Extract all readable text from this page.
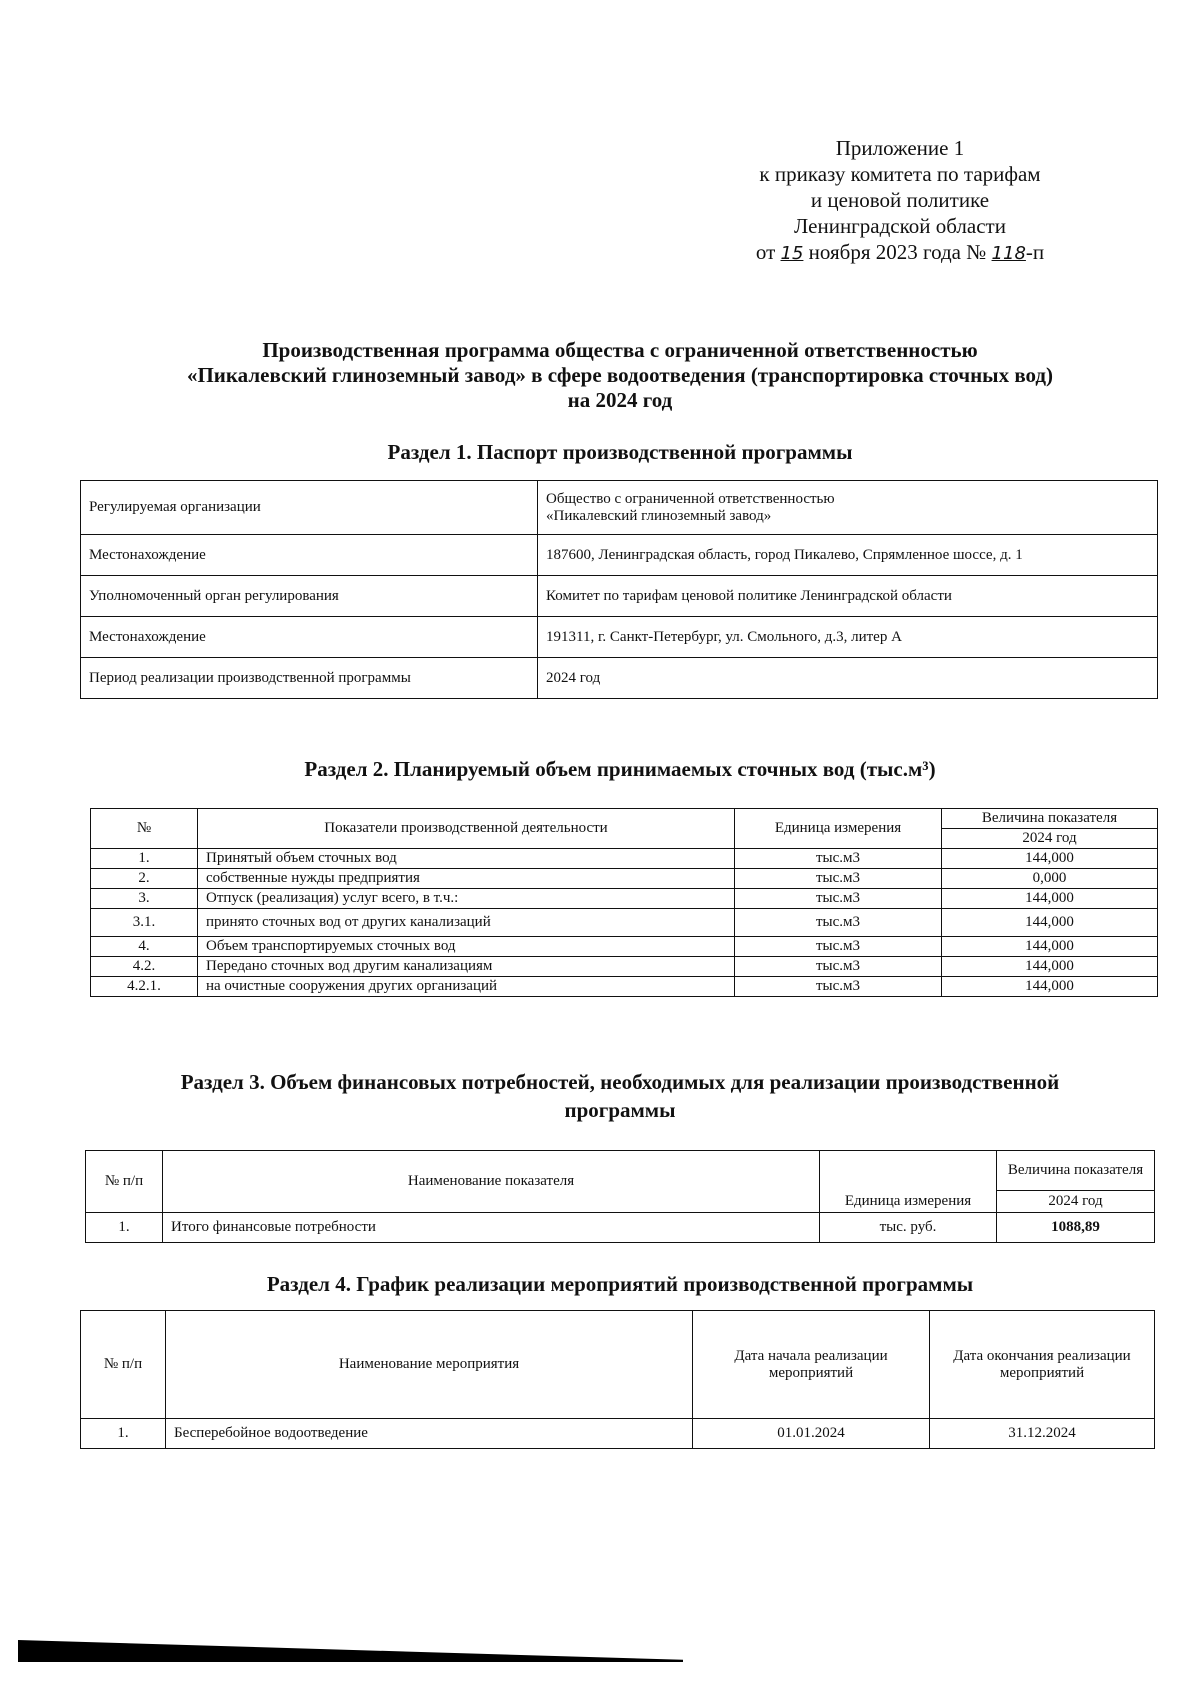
Приложение 1
к приказу комитета по тарифам
и ценовой политике
Ленинградской области
от 15 ноября 2023 года № 118-п
Производственная программа общества с ограниченной ответственностью
«Пикалевский глиноземный завод» в сфере водоотведения (транспортировка сточных вод)
на 2024 год
Раздел 1. Паспорт производственной программы
Регулируемая организации	Общество с ограниченной ответственностью
«Пикалевский глиноземный завод»

Местонахождение	187600, Ленинградская область, город Пикалево, Спрямленное шоссе, д. 1
Уполномоченный орган регулирования	Комитет по тарифам ценовой политике Ленинградской области
Местонахождение	191311, г. Санкт-Петербург, ул. Смольного, д.3, литер А
Период реализации производственной программы	2024 год
Раздел 2. Планируемый объем принимаемых сточных вод (тыс.м³)
№	Показатели производственной деятельности	Единица измерения	Величина показателя
			2024 год
1.	Принятый объем сточных вод	тыс.м3	144,000
2.	собственные нужды предприятия	тыс.м3	0,000
3.	Отпуск (реализация) услуг всего, в т.ч.:	тыс.м3	144,000
3.1.	принято сточных вод от других канализаций	тыс.м3	144,000
4.	Объем транспортируемых сточных вод	тыс.м3	144,000
4.2.	Передано сточных вод другим канализациям	тыс.м3	144,000
4.2.1.	на очистные сооружения других организаций	тыс.м3	144,000
Раздел 3. Объем финансовых потребностей, необходимых для реализации производственной
программы
№ п/п	Наименование показателя	Единица измерения	Величина показателя
			2024 год
1.	Итого финансовые потребности	тыс. руб.	1088,89
Раздел 4. График реализации мероприятий производственной программы
№ п/п	Наименование мероприятия	Дата начала реализации мероприятий	Дата окончания реализации мероприятий
1.	Бесперебойное водоотведение	01.01.2024	31.12.2024
